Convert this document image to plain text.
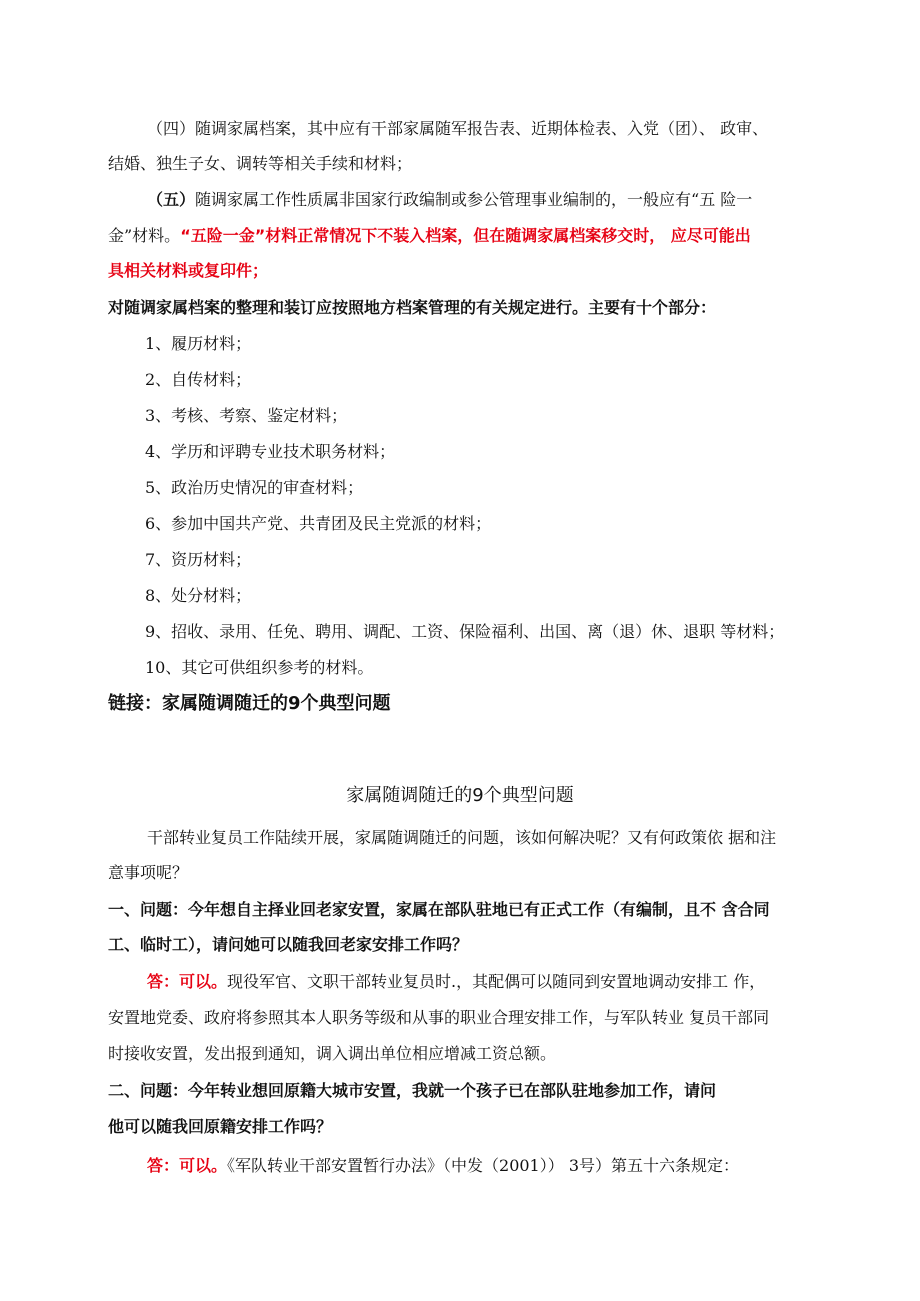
（四）随调家属档案，其中应有干部家属随军报告表、近期体检表、入党（团）、 政审、

结婚、独生子女、调转等相关手续和材料；

（五）随调家属工作性质属非国家行政编制或参公管理事业编制的，一般应有“五 险一

金”材料。“五险一金”材料正常情况下不装入档案，但在随调家属档案移交时， 应尽可能出

具相关材料或复印件；

对随调家属档案的整理和装订应按照地方档案管理的有关规定进行。主要有十个部分：

1、履历材料；

2、自传材料；

3、考核、考察、鉴定材料；

4、学历和评聘专业技术职务材料；

5、政治历史情况的审查材料；

6、参加中国共产党、共青团及民主党派的材料；

7、资历材料；

8、处分材料；

9、招收、录用、任免、聘用、调配、工资、保险福利、出国、离（退）休、退职 等材料；

10、其它可供组织参考的材料。

链接：家属随调随迁的9个典型问题

家属随调随迁的9个典型问题

干部转业复员工作陆续开展，家属随调随迁的问题，该如何解决呢？又有何政策依 据和注

意事项呢？

一、问题：今年想自主择业回老家安置，家属在部队驻地已有正式工作（有编制，且不 含合同

工、临时工），请问她可以随我回老家安排工作吗？

答：可以。现役军官、文职干部转业复员时.，其配偶可以随同到安置地调动安排工 作，

安置地党委、政府将参照其本人职务等级和从事的职业合理安排工作，与军队转业 复员干部同

时接收安置，发出报到通知，调入调出单位相应增减工资总额。

二、问题：今年转业想回原籍大城市安置，我就一个孩子已在部队驻地参加工作，请问

他可以随我回原籍安排工作吗？

答：可以。《军队转业干部安置暂行办法》（中发（2001）） 3号）第五十六条规定：
